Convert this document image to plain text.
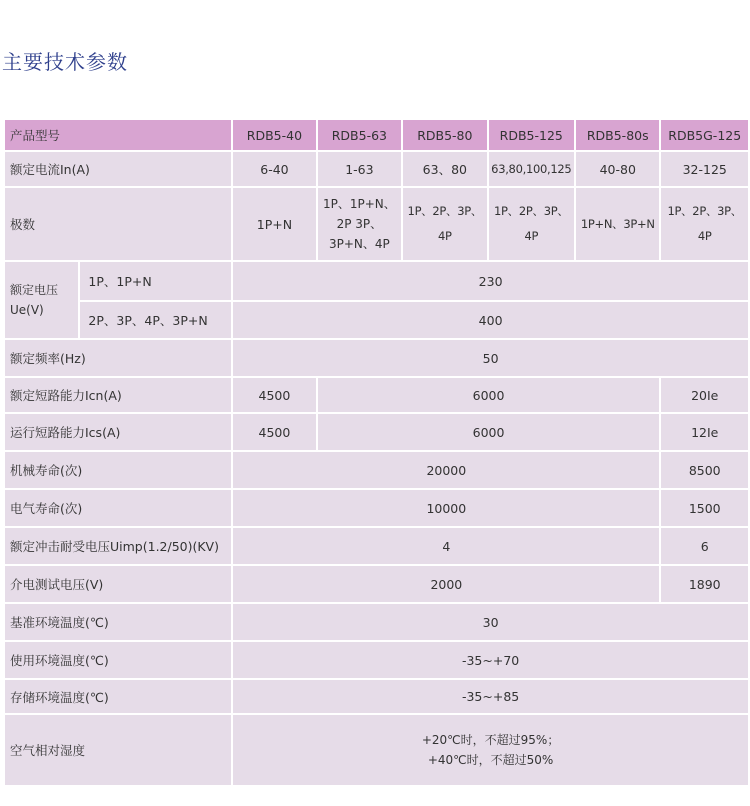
主要技术参数
产品型号		RDB5-40	RDB5-63	RDB5-80	RDB5-125	RDB5-80s	RDB5G-125
额定电流In(A)		6-40	1-63	63、80	63,80,100,125	40-80	32-125
极数		1P+N	1P、1P+N、2P 3P、3P+N、4P	1P、2P、3P、4P	1P、2P、3P、4P	1P+N、3P+N	1P、2P、3P、4P
额定电压 Ue(V)	1P、1P+N	230					
	2P、3P、4P、3P+N	400					
额定频率(Hz)		50					
额定短路能力Icn(A)		4500	6000				20Ie
运行短路能力Ics(A)		4500	6000				12Ie
机械寿命(次)		20000					8500
电气寿命(次)		10000					1500
额定冲击耐受电压Uimp(1.2/50)(KV)		4					6
介电测试电压(V)		2000					1890
基准环境温度(℃)		30					
使用环境温度(℃)		-35~+70					
存储环境温度(℃)		-35~+85					
空气相对湿度		+20℃时，不超过95%；
+40℃时，不超过50%					
